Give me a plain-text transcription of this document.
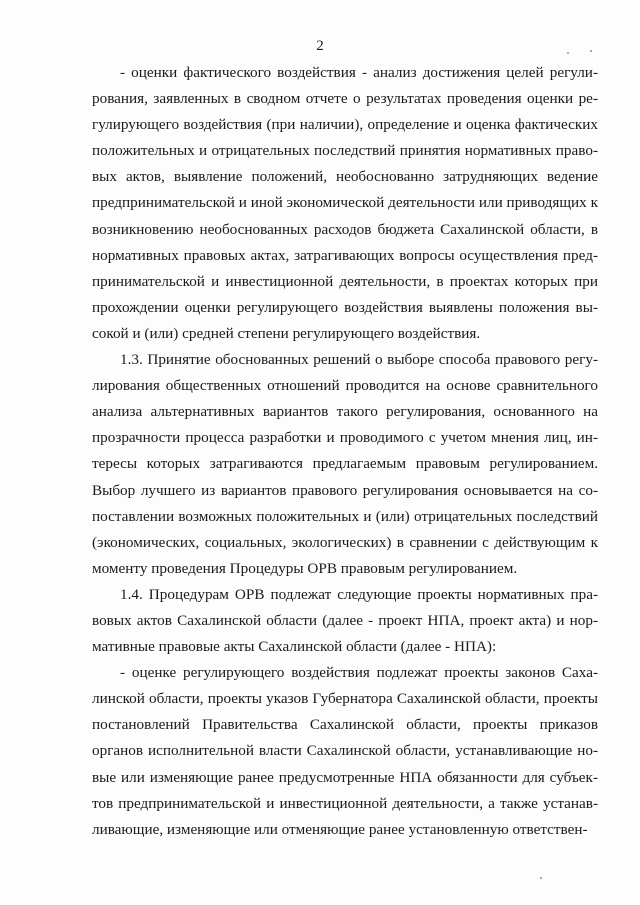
2

- оценки фактического воздействия - анализ достижения целей регулирования, заявленных в сводном отчете о результатах проведения оценки регулирующего воздействия (при наличии), определение и оценка фактических положительных и отрицательных последствий принятия нормативных правовых актов, выявление положений, необоснованно затрудняющих ведение предпринимательской и иной экономической деятельности или приводящих к возникновению необоснованных расходов бюджета Сахалинской области, в нормативных правовых актах, затрагивающих вопросы осуществления предпринимательской и инвестиционной деятельности, в проектах которых при прохождении оценки регулирующего воздействия выявлены положения высокой и (или) средней степени регулирующего воздействия.

1.3. Принятие обоснованных решений о выборе способа правового регулирования общественных отношений проводится на основе сравнительного анализа альтернативных вариантов такого регулирования, основанного на прозрачности процесса разработки и проводимого с учетом мнения лиц, интересы которых затрагиваются предлагаемым правовым регулированием. Выбор лучшего из вариантов правового регулирования основывается на сопоставлении возможных положительных и (или) отрицательных последствий (экономических, социальных, экологических) в сравнении с действующим к моменту проведения Процедуры ОРВ правовым регулированием.

1.4. Процедурам ОРВ подлежат следующие проекты нормативных правовых актов Сахалинской области (далее - проект НПА, проект акта) и нормативные правовые акты Сахалинской области (далее - НПА):

- оценке регулирующего воздействия подлежат проекты законов Сахалинской области, проекты указов Губернатора Сахалинской области, проекты постановлений Правительства Сахалинской области, проекты приказов органов исполнительной власти Сахалинской области, устанавливающие новые или изменяющие ранее предусмотренные НПА обязанности для субъектов предпринимательской и инвестиционной деятельности, а также устанавливающие, изменяющие или отменяющие ранее установленную ответствен-
